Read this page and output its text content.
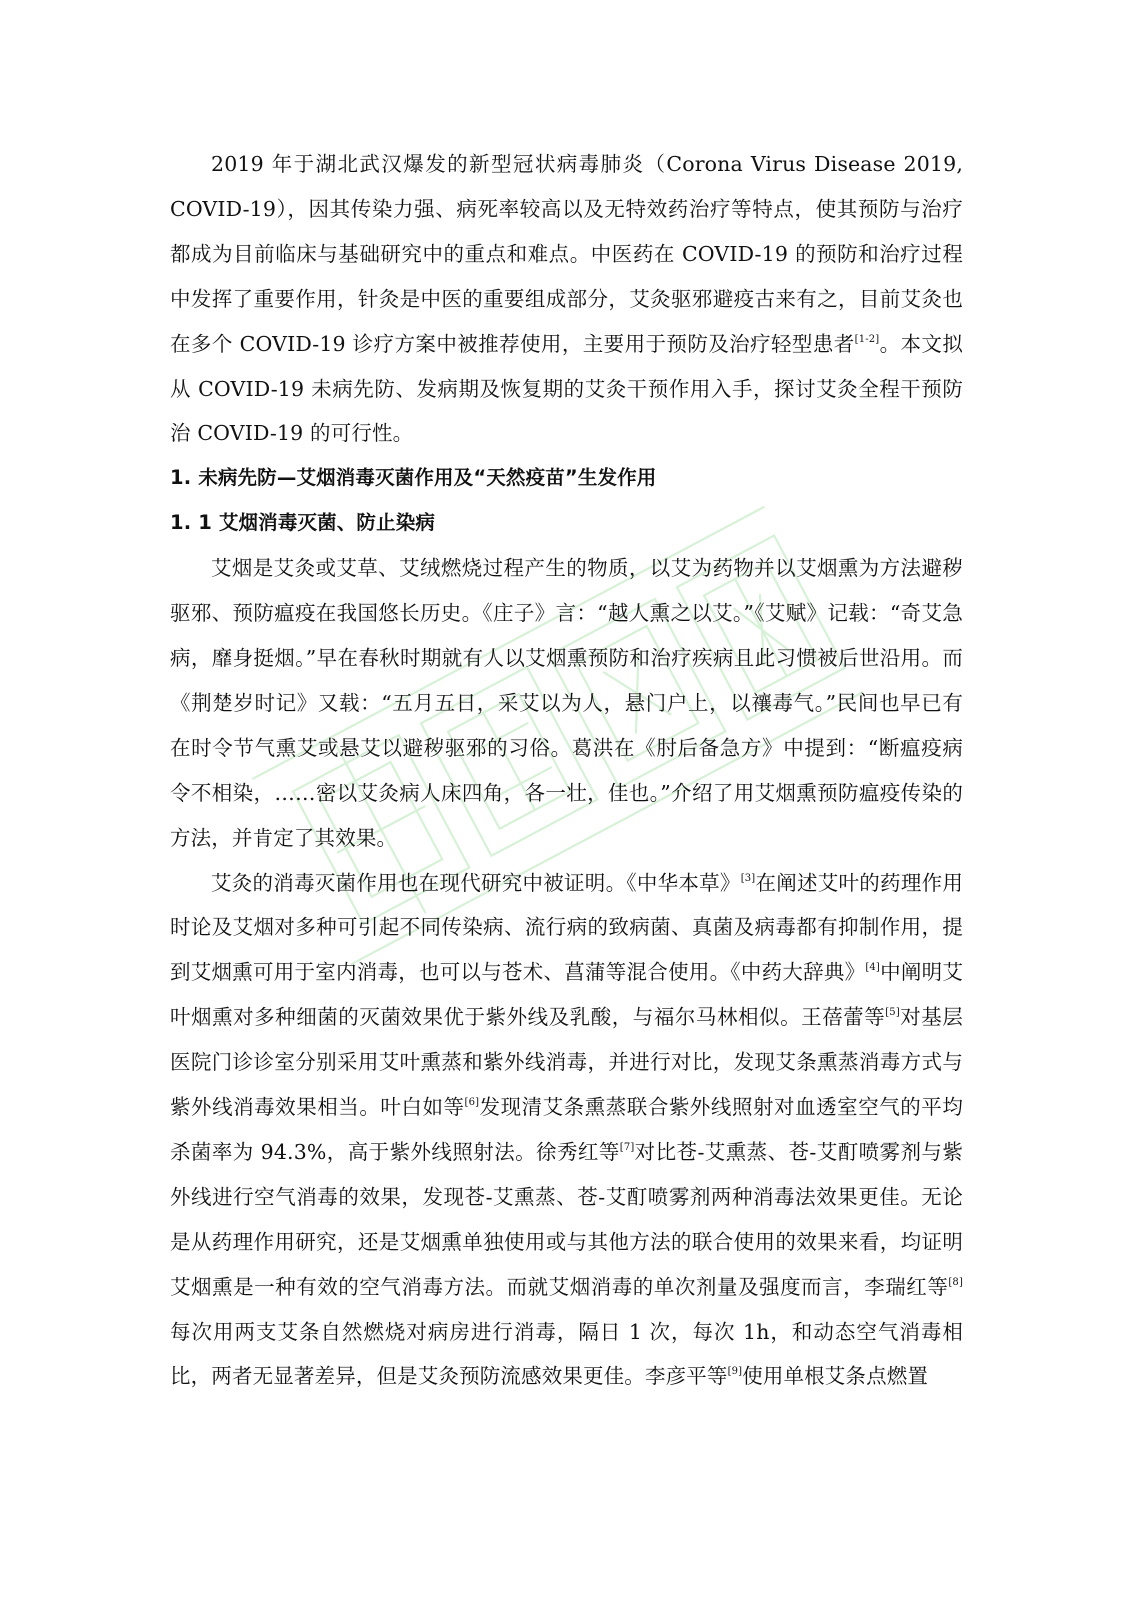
2019 年于湖北武汉爆发的新型冠状病毒肺炎（Corona Virus Disease 2019, COVID-19），因其传染力强、病死率较高以及无特效药治疗等特点，使其预防与治疗都成为目前临床与基础研究中的重点和难点。中医药在 COVID-19 的预防和治疗过程中发挥了重要作用，针灸是中医的重要组成部分，艾灸驱邪避疫古来有之，目前艾灸也在多个 COVID-19 诊疗方案中被推荐使用，主要用于预防及治疗轻型患者[1-2]。本文拟从 COVID-19 未病先防、发病期及恢复期的艾灸干预作用入手，探讨艾灸全程干预防治 COVID-19 的可行性。

1. 未病先防—艾烟消毒灭菌作用及“天然疫苗”生发作用

1. 1 艾烟消毒灭菌、防止染病

艾烟是艾灸或艾草、艾绒燃烧过程产生的物质，以艾为药物并以艾烟熏为方法避秽驱邪、预防瘟疫在我国悠长历史。《庄子》言：“越人熏之以艾。”《艾赋》记载：“奇艾急病，靡身挺烟。”早在春秋时期就有人以艾烟熏预防和治疗疾病且此习惯被后世沿用。而《荆楚岁时记》又载：“五月五日，采艾以为人，悬门户上，以禳毒气。”民间也早已有在时令节气熏艾或悬艾以避秽驱邪的习俗。葛洪在《肘后备急方》中提到：“断瘟疫病令不相染，……密以艾灸病人床四角，各一壮，佳也。”介绍了用艾烟熏预防瘟疫传染的方法，并肯定了其效果。

艾灸的消毒灭菌作用也在现代研究中被证明。《中华本草》[3]在阐述艾叶的药理作用时论及艾烟对多种可引起不同传染病、流行病的致病菌、真菌及病毒都有抑制作用，提到艾烟熏可用于室内消毒，也可以与苍术、菖蒲等混合使用。《中药大辞典》[4]中阐明艾叶烟熏对多种细菌的灭菌效果优于紫外线及乳酸，与福尔马林相似。王蓓蕾等[5]对基层医院门诊诊室分别采用艾叶熏蒸和紫外线消毒，并进行对比，发现艾条熏蒸消毒方式与紫外线消毒效果相当。叶白如等[6]发现清艾条熏蒸联合紫外线照射对血透室空气的平均杀菌率为 94.3%，高于紫外线照射法。徐秀红等[7]对比苍-艾熏蒸、苍-艾酊喷雾剂与紫外线进行空气消毒的效果，发现苍-艾熏蒸、苍-艾酊喷雾剂两种消毒法效果更佳。无论是从药理作用研究，还是艾烟熏单独使用或与其他方法的联合使用的效果来看，均证明艾烟熏是一种有效的空气消毒方法。而就艾烟消毒的单次剂量及强度而言，李瑞红等[8]每次用两支艾条自然燃烧对病房进行消毒，隔日 1 次，每次 1h，和动态空气消毒相比，两者无显著差异，但是艾灸预防流感效果更佳。李彦平等[9]使用单根艾条点燃置
